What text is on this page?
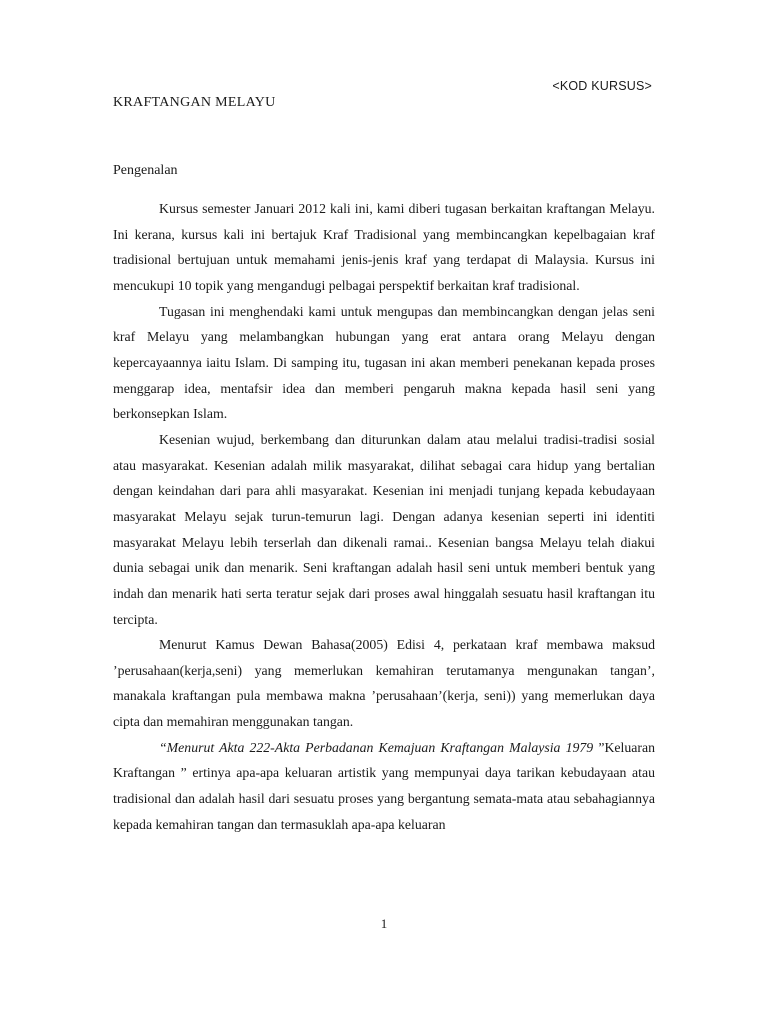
<KOD KURSUS>
KRAFTANGAN MELAYU
Pengenalan

Kursus semester Januari 2012 kali ini, kami diberi tugasan berkaitan kraftangan Melayu. Ini kerana, kursus kali ini bertajuk Kraf Tradisional yang membincangkan kepelbagaian kraf tradisional bertujuan untuk memahami jenis-jenis kraf yang terdapat di Malaysia. Kursus ini mencukupi 10 topik yang mengandugi pelbagai perspektif berkaitan kraf tradisional.

Tugasan ini menghendaki kami untuk mengupas dan membincangkan dengan jelas seni kraf Melayu yang melambangkan hubungan yang erat antara orang Melayu dengan kepercayaannya iaitu Islam. Di samping itu, tugasan ini akan memberi penekanan kepada proses menggarap idea, mentafsir idea dan memberi pengaruh makna kepada hasil seni yang berkonsepkan Islam.

Kesenian wujud, berkembang dan diturunkan dalam atau melalui tradisi-tradisi sosial atau masyarakat. Kesenian adalah milik masyarakat, dilihat sebagai cara hidup yang bertalian dengan keindahan dari para ahli masyarakat. Kesenian ini menjadi tunjang kepada kebudayaan masyarakat Melayu sejak turun-temurun lagi. Dengan adanya kesenian seperti ini identiti masyarakat Melayu lebih terserlah dan dikenali ramai.. Kesenian bangsa Melayu telah diakui dunia sebagai unik dan menarik. Seni kraftangan adalah hasil seni untuk memberi bentuk yang indah dan menarik hati serta teratur sejak dari proses awal hinggalah sesuatu hasil kraftangan itu tercipta.

Menurut Kamus Dewan Bahasa(2005) Edisi 4, perkataan kraf membawa maksud ’perusahaan(kerja,seni) yang memerlukan kemahiran terutamanya mengunakan tangan’, manakala kraftangan pula membawa makna ’perusahaan’(kerja, seni)) yang memerlukan daya cipta dan memahiran menggunakan tangan.

“Menurut Akta 222-Akta Perbadanan Kemajuan Kraftangan Malaysia 1979 ”Keluaran Kraftangan ” ertinya apa-apa keluaran artistik yang mempunyai daya tarikan kebudayaan atau tradisional dan adalah hasil dari sesuatu proses yang bergantung semata-mata atau sebahagiannya kepada kemahiran tangan dan termasuklah apa-apa keluaran

1
